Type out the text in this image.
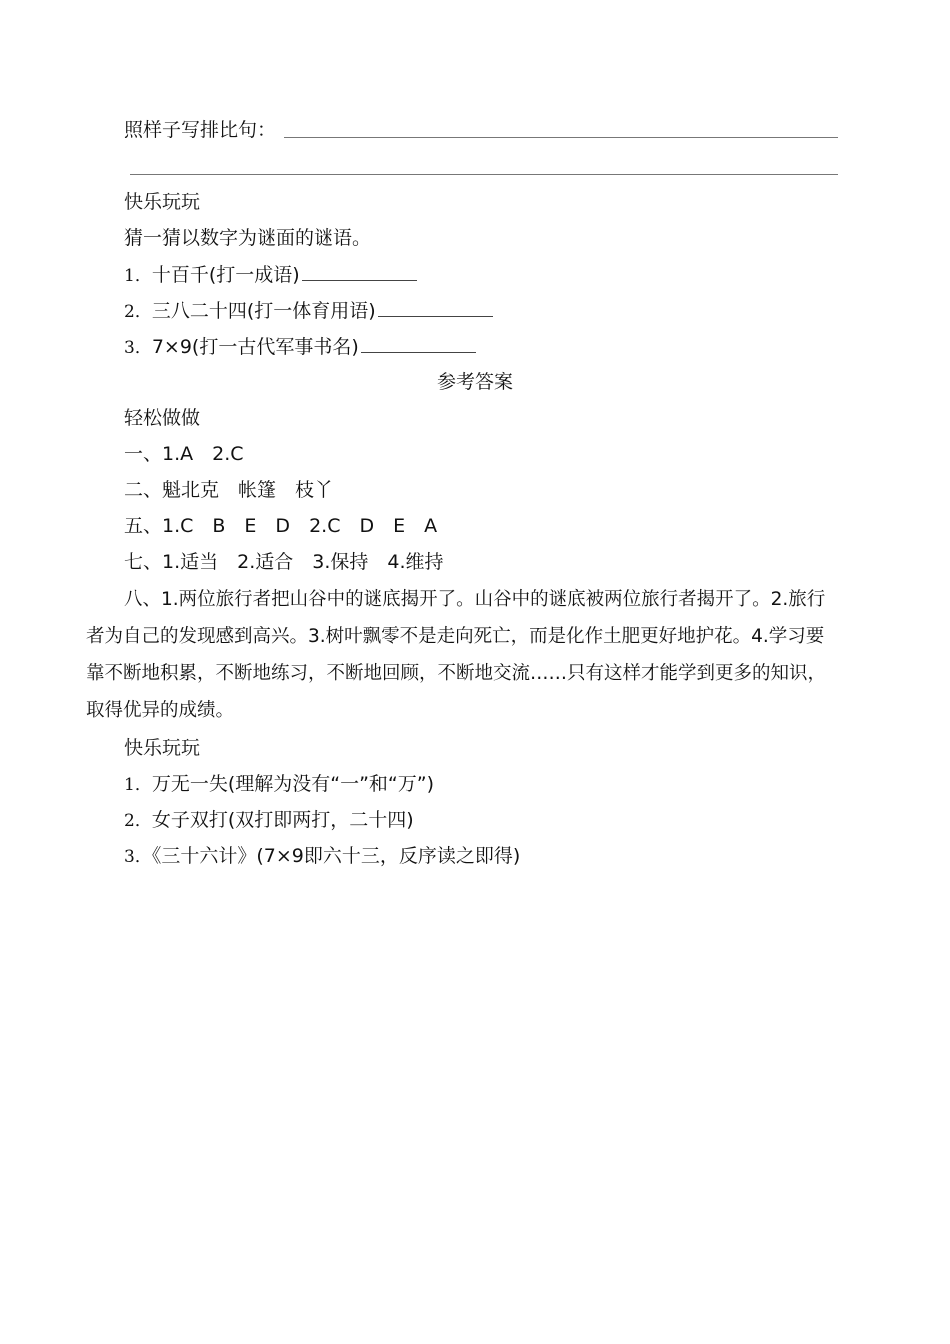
照样子写排比句：
快乐玩玩
猜一猜以数字为谜面的谜语。
1．十百千(打一成语)
2．三八二十四(打一体育用语)
3．7×9(打一古代军事书名)
参考答案
轻松做做
一、1.A　2.C
二、魁北克　帐篷　枝丫
五、1.C　B　E　D　2.C　D　E　A
七、1.适当　2.适合　3.保持　4.维持
八、1.两位旅行者把山谷中的谜底揭开了。山谷中的谜底被两位旅行者揭开了。2.旅行
者为自己的发现感到高兴。3.树叶飘零不是走向死亡，而是化作土肥更好地护花。4.学习要
靠不断地积累，不断地练习，不断地回顾，不断地交流……只有这样才能学到更多的知识，
取得优异的成绩。
快乐玩玩
1．万无一失(理解为没有“一”和“万”)
2．女子双打(双打即两打，二十四)
3．《三十六计》(7×9即六十三，反序读之即得)
